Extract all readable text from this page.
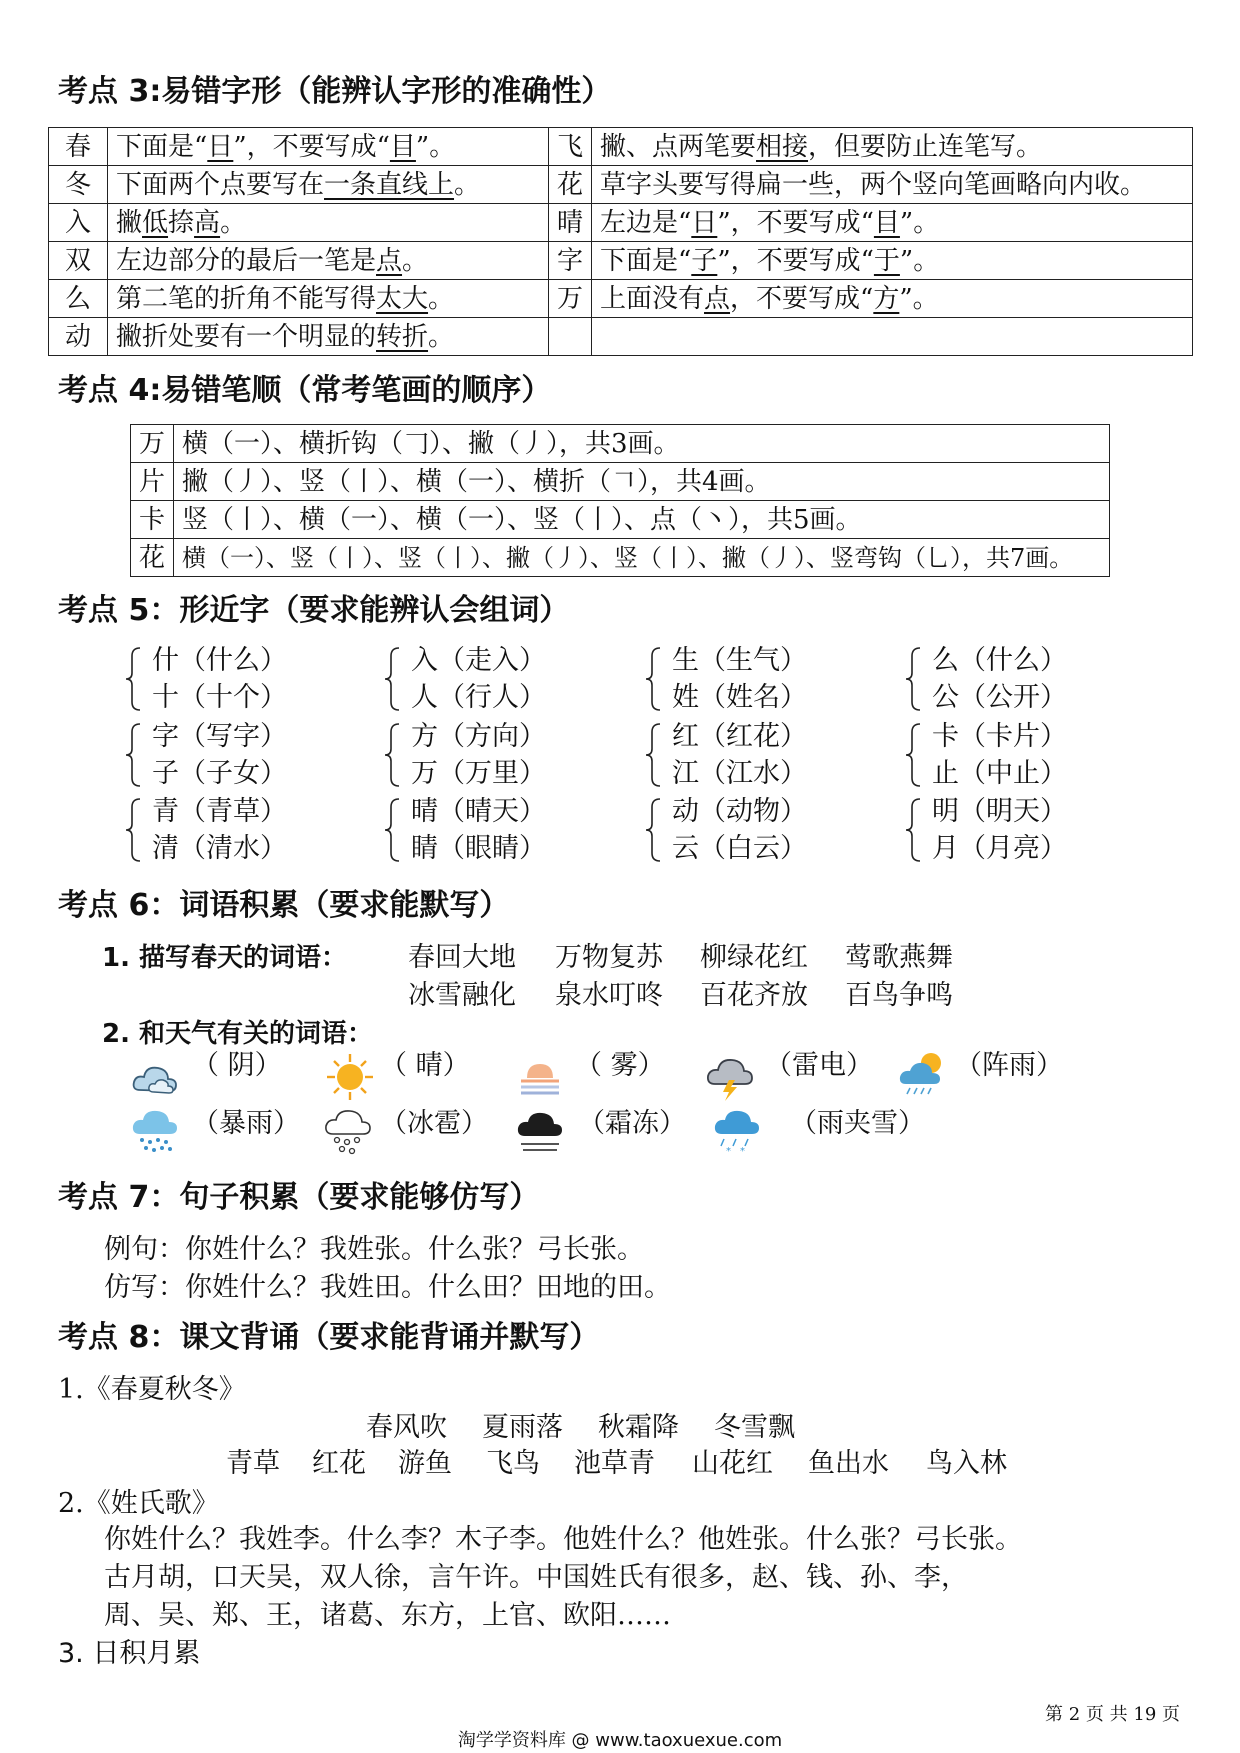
考点 3:易错字形（能辨认字形的准确性）
春	下面是“日”，不要写成“目”。	飞	撇、点两笔要相接，但要防止连笔写。
冬	下面两个点要写在一条直线上。	花	草字头要写得扁一些，两个竖向笔画略向内收。
入	撇低捺高。	晴	左边是“日”，不要写成“目”。
双	左边部分的最后一笔是点。	字	下面是“子”，不要写成“于”。
么	第二笔的折角不能写得太大。	万	上面没有点，不要写成“方”。
动	撇折处要有一个明显的转折。		
考点 4:易错笔顺（常考笔画的顺序）
万	横（一）、横折钩（𠃌）、撇（丿），共3画。
片	撇（丿）、竖（丨）、横（一）、横折（𠃍），共4画。
卡	竖（丨）、横（一）、横（一）、竖（丨）、点（丶），共5画。
花	横（一）、竖（丨）、竖（丨）、撇（丿）、竖（丨）、撇（丿）、竖弯钩（乚），共7画。
考点 5：形近字（要求能辨认会组词）
什（什么）
十（十个）
入（走入）
人（行人）
生（生气）
姓（姓名）
么（什么）
公（公开）
字（写字）
子（子女）
方（方向）
万（万里）
红（红花）
江（江水）
卡（卡片）
止（中止）
青（青草）
清（清水）
晴（晴天）
睛（眼睛）
动（动物）
云（白云）
明（明天）
月（月亮）
考点 6：词语积累（要求能默写）
1. 描写春天的词语： 春回大地 万物复苏 柳绿花红 莺歌燕舞
冰雪融化 泉水叮咚 百花齐放 百鸟争鸣
2. 和天气有关的词语：
（ 阴）	（ 晴）	（ 雾）	（雷电）	（阵雨）
（暴雨）	（冰雹）	（霜冻）
* *
（雨夹雪）
考点 7：句子积累（要求能够仿写）
例句：你姓什么？我姓张。什么张？弓长张。
仿写：你姓什么？我姓田。什么田？田地的田。
考点 8：课文背诵（要求能背诵并默写）
1.《春夏秋冬》
春风吹 夏雨落 秋霜降 冬雪飘
青草 红花 游鱼 飞鸟 池草青 山花红 鱼出水 鸟入林
2.《姓氏歌》
你姓什么？我姓李。什么李？木子李。他姓什么？他姓张。什么张？弓长张。
古月胡，口天吴，双人徐，言午许。中国姓氏有很多，赵、钱、孙、李，
周、吴、郑、王，诸葛、东方，上官、欧阳……
3. 日积月累
第 2 页 共 19 页
淘学学资料库 @ www.taoxuexue.com
